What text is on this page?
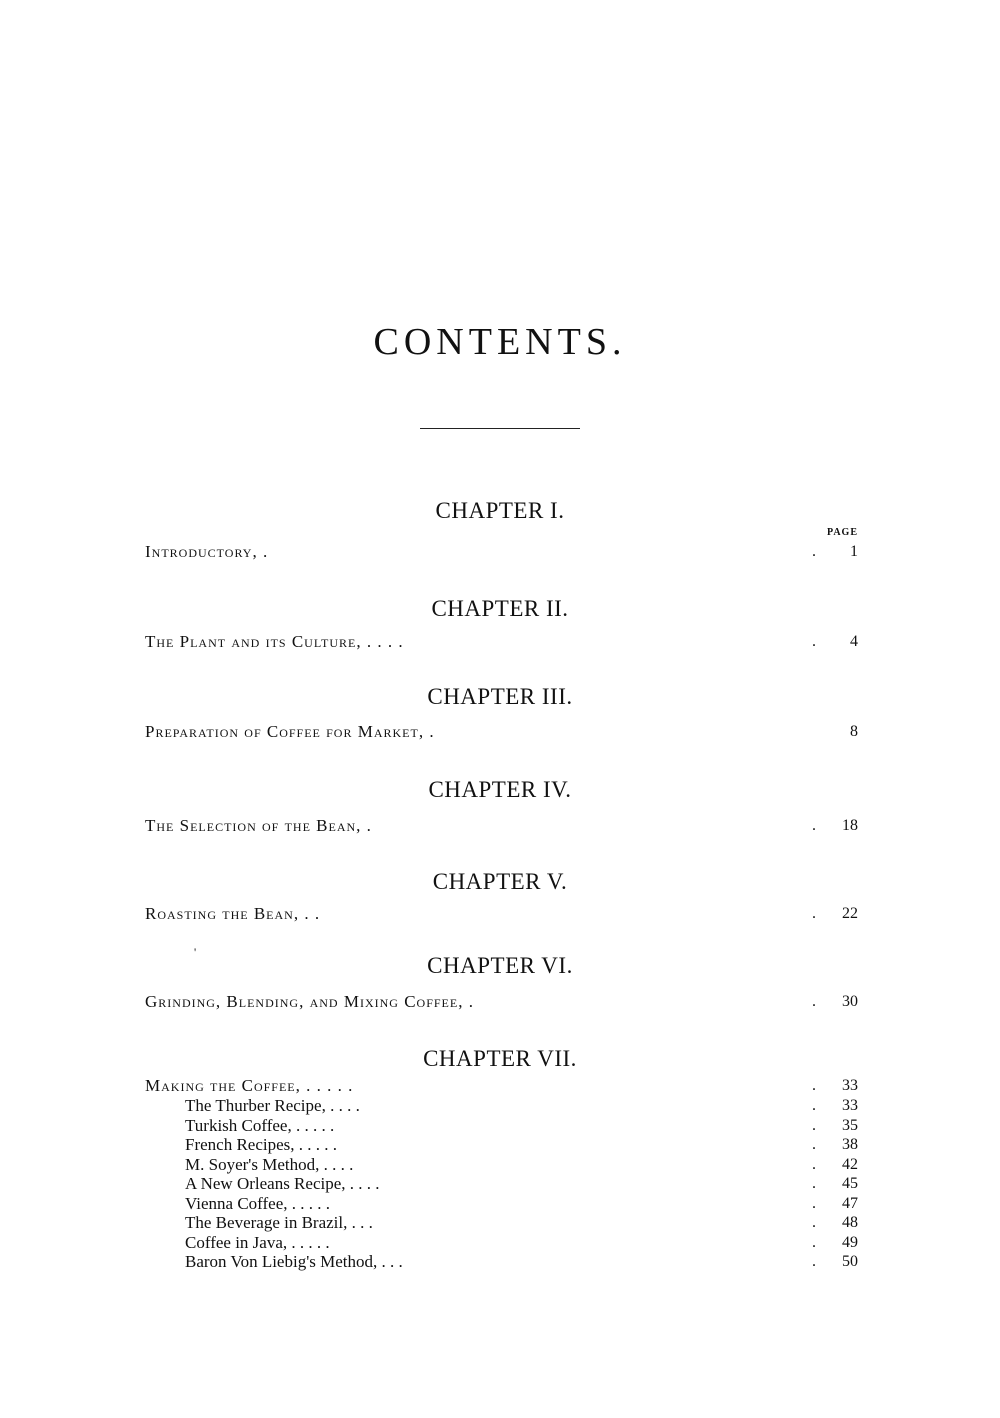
CONTENTS.
CHAPTER I.
PAGE
Introductory, .	.	1
CHAPTER II.
The Plant and its Culture, . . . .	.	4
CHAPTER III.
Preparation of Coffee for Market, .	8
CHAPTER IV.
The Selection of the Bean, .	.	18
CHAPTER V.
Roasting the Bean, . .	.	22
'
CHAPTER VI.
Grinding, Blending, and Mixing Coffee, .	.	30
CHAPTER VII.
Making the Coffee, . . . . .	.	33
The Thurber Recipe, . . . .	.	33
Turkish Coffee, . . . . .	.	35
French Recipes, . . . . .	.	38
M. Soyer's Method, . . . .	.	42
A New Orleans Recipe, . . . .	.	45
Vienna Coffee, . . . . .	.	47
The Beverage in Brazil, . . .	.	48
Coffee in Java, . . . . .	.	49
Baron Von Liebig's Method, . . .	.	50
